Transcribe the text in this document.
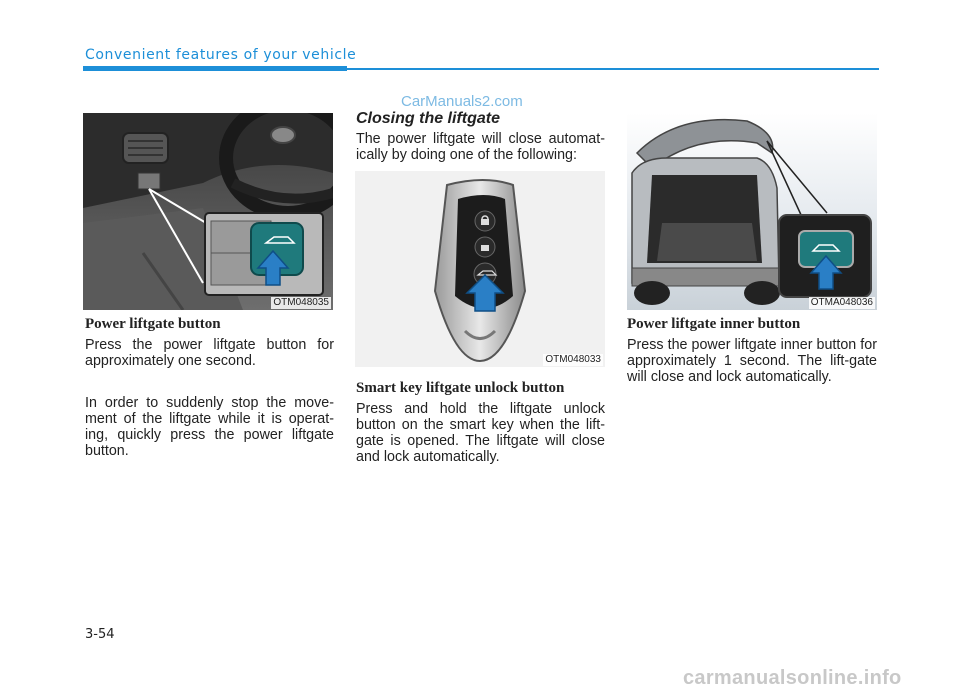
Convenient features of your vehicle
CarManuals2.com
OTM048035
Power liftgate button

Press the power liftgate button for approximately one second.

In order to suddenly stop the move-ment of the liftgate while it is operat-ing, quickly press the power liftgate button.

Closing the liftgate

The power liftgate will close automat-ically by doing one of the following:

OTM048033
Smart key liftgate unlock button

Press and hold the liftgate unlock button on the smart key when the lift-gate is opened. The liftgate will close and lock automatically.

OTMA048036
Power liftgate inner button

Press the power liftgate inner button for approximately 1 second. The lift-gate will close and lock automatically.

3-54
carmanualsonline.info
